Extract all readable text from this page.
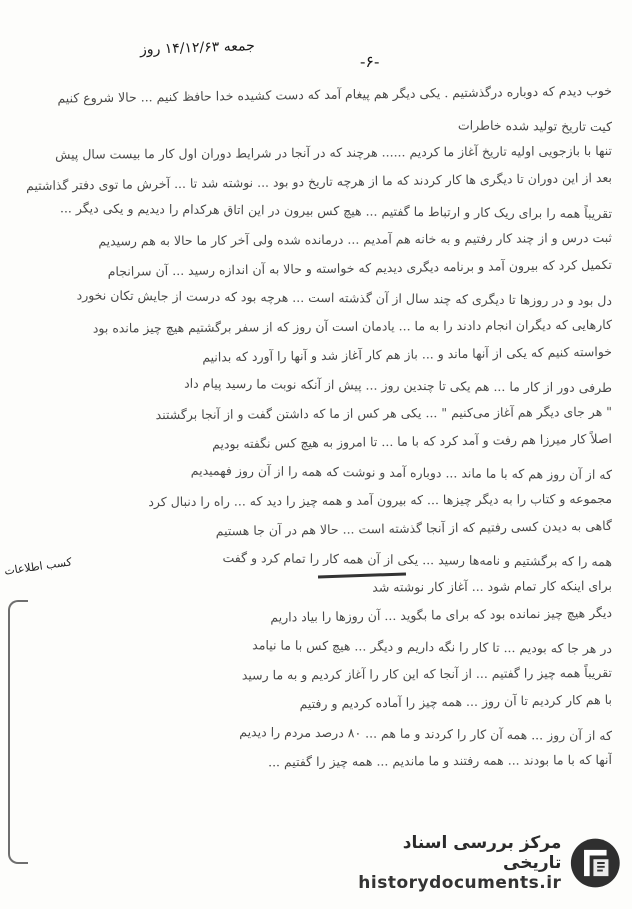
جمعه ۱۴/۱۲/۶۳ روز
-۶-
خوب دیدم که دوباره درگذشتیم . یکی دیگر هم پیغام آمد که دست کشیده خدا حافظ کنیم ... حالا شروع کنیم
کیت تاریخ تولید شده خاطرات
تنها با بازجویی اولیه تاریخ آغاز ما کردیم ...... هرچند که در آنجا در شرایط دوران اول کار ما بیست سال پیش
بعد از این دوران تا دیگری ها کار کردند که ما از هرچه تاریخ دو بود ... نوشته شد تا ... آخرش ما توی دفتر گذاشتیم
تقریباً همه را برای ریک کار و ارتباط ما گفتیم ... هیچ کس بیرون در این اتاق هرکدام را دیدیم و یکی دیگر ...
ثبت درس و از چند کار رفتیم و به خانه هم آمدیم ... درمانده شده ولی آخر کار ما حالا به هم رسیدیم
تکمیل کرد که بیرون آمد و برنامه دیگری دیدیم که خواسته و حالا به آن اندازه رسید ... آن سرانجام
دل بود و در روزها تا دیگری که چند سال از آن گذشته است ... هرچه بود که درست از جایش تکان نخورد
کارهایی که دیگران انجام دادند را به ما ... یادمان است آن روز که از سفر برگشتیم هیچ چیز مانده بود
خواسته کنیم که یکی از آنها ماند و ... باز هم کار آغاز شد و آنها را آورد که بدانیم
طرفی دور از کار ما ... هم یکی تا چندین روز ... پیش از آنکه نوبت ما رسید پیام داد
" هر جای دیگر هم آغاز می‌کنیم " ... یکی هر کس از ما که داشتن گفت و از آنجا برگشتند
اصلاً کار میرزا هم رفت و آمد کرد که با ما ... تا امروز به هیچ کس نگفته بودیم
که از آن روز هم که با ما ماند ... دوباره آمد و نوشت که همه را از آن روز فهمیدیم
مجموعه و کتاب را به دیگر چیزها ... که بیرون آمد و همه چیز را دید که ... راه را دنبال کرد
گاهی به دیدن کسی رفتیم که از آنجا گذشته است ... حالا هم در آن جا هستیم
همه را که برگشتیم و نامه‌ها رسید ... یکی از آن همه کار را تمام کرد و گفت
برای اینکه کار تمام شود ... آغاز کار نوشته شد
دیگر هیچ چیز نمانده بود که برای ما بگوید ... آن روزها را بیاد داریم
در هر جا که بودیم ... تا کار را نگه داریم و دیگر ... هیچ کس با ما نیامد
تقریباً همه چیز را گفتیم ... از آنجا که این کار را آغاز کردیم و به ما رسید
با هم کار کردیم تا آن روز ... همه چیز را آماده کردیم و رفتیم
که از آن روز ... همه آن کار را کردند و ما هم ... ۸۰ درصد مردم را دیدیم
آنها که با ما بودند ... همه رفتند و ما ماندیم ... همه چیز را گفتیم ...
کسب اطلاعات
مرکز بررسی اسناد تاریخی
historydocuments.ir
